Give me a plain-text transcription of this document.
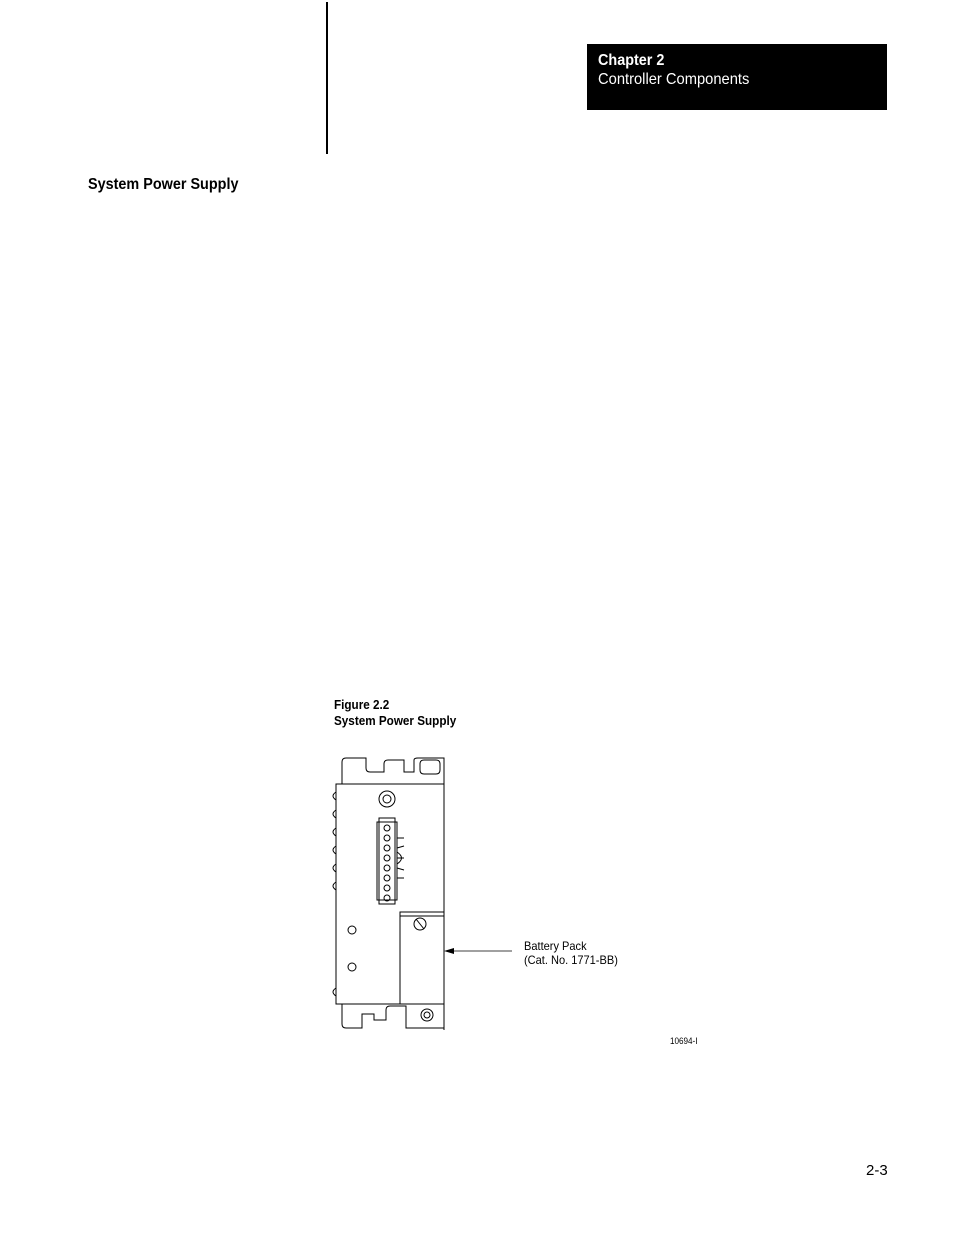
Chapter 2
Controller Components
System Power Supply
Figure 2.2
System Power Supply
Battery Pack
(Cat. No. 1771-BB)
10694-I
2-3
